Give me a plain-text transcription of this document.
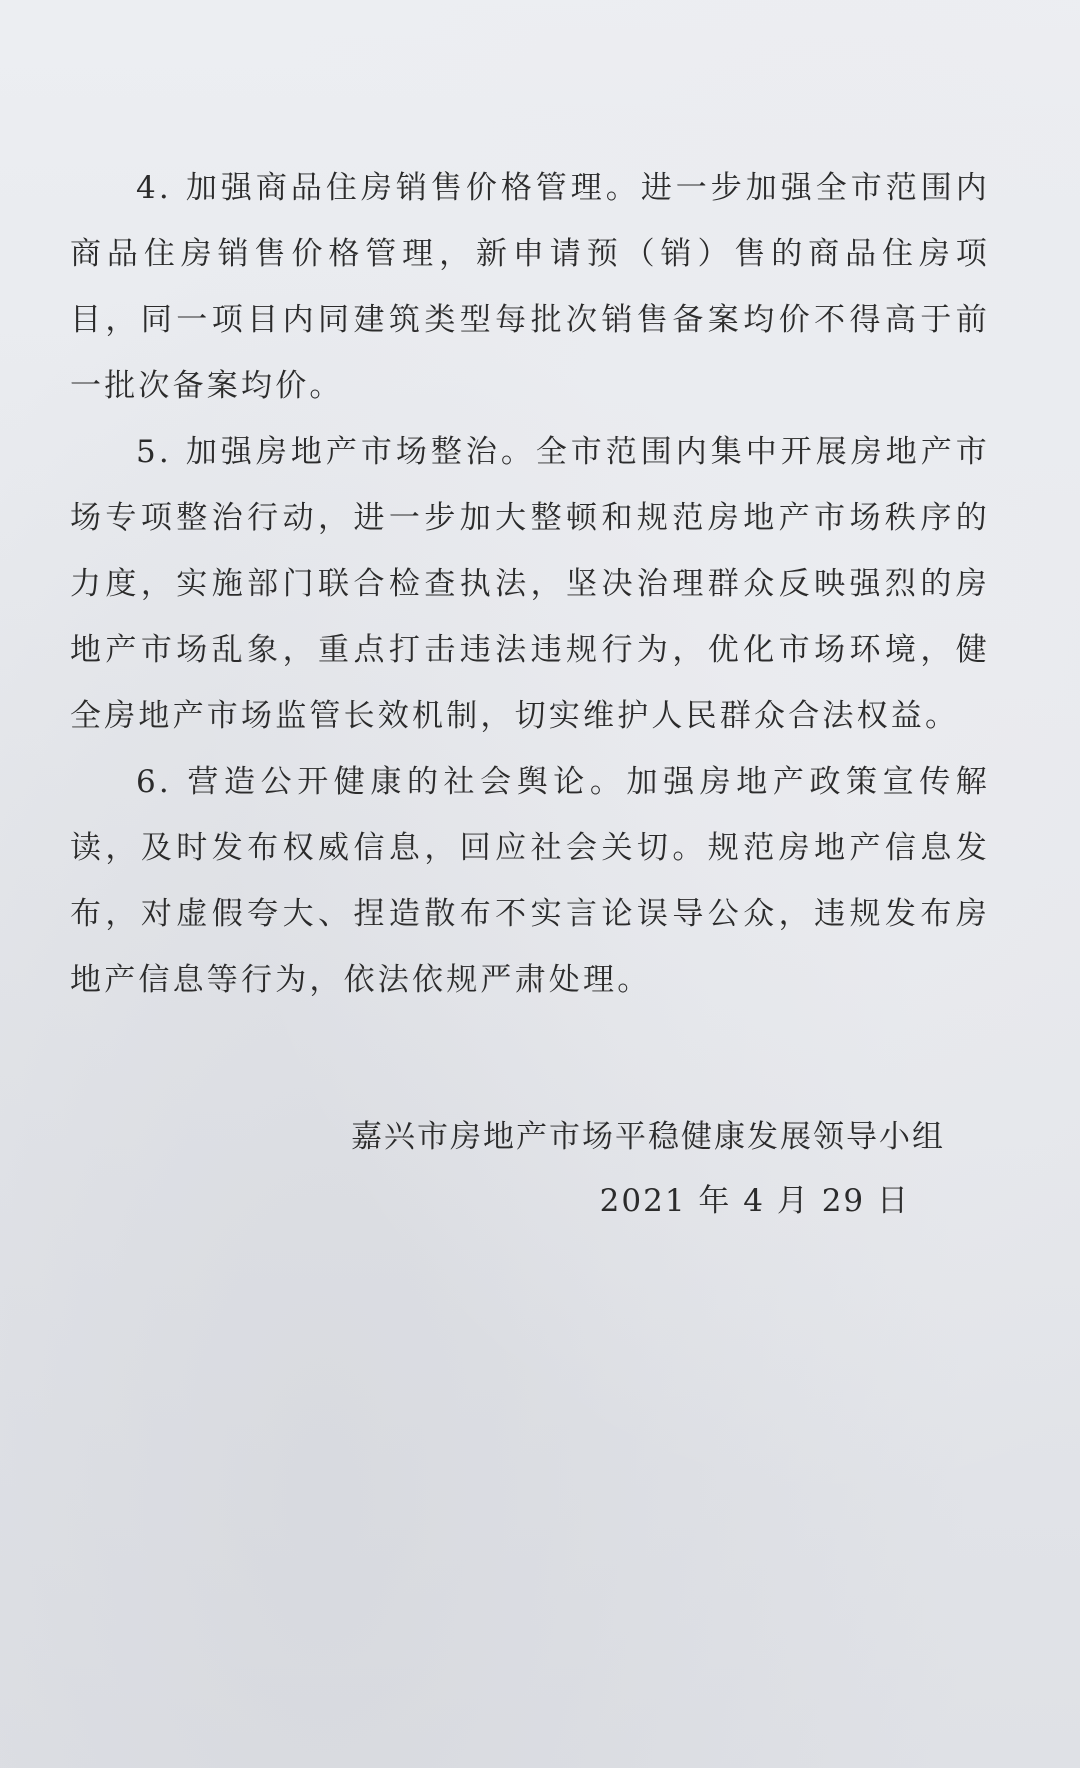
4. 加强商品住房销售价格管理。进一步加强全市范围内商品住房销售价格管理，新申请预（销）售的商品住房项目，同一项目内同建筑类型每批次销售备案均价不得高于前一批次备案均价。

5. 加强房地产市场整治。全市范围内集中开展房地产市场专项整治行动，进一步加大整顿和规范房地产市场秩序的力度，实施部门联合检查执法，坚决治理群众反映强烈的房地产市场乱象，重点打击违法违规行为，优化市场环境，健全房地产市场监管长效机制，切实维护人民群众合法权益。

6. 营造公开健康的社会舆论。加强房地产政策宣传解读，及时发布权威信息，回应社会关切。规范房地产信息发布，对虚假夸大、捏造散布不实言论误导公众，违规发布房地产信息等行为，依法依规严肃处理。

嘉兴市房地产市场平稳健康发展领导小组
2021 年 4 月 29 日
